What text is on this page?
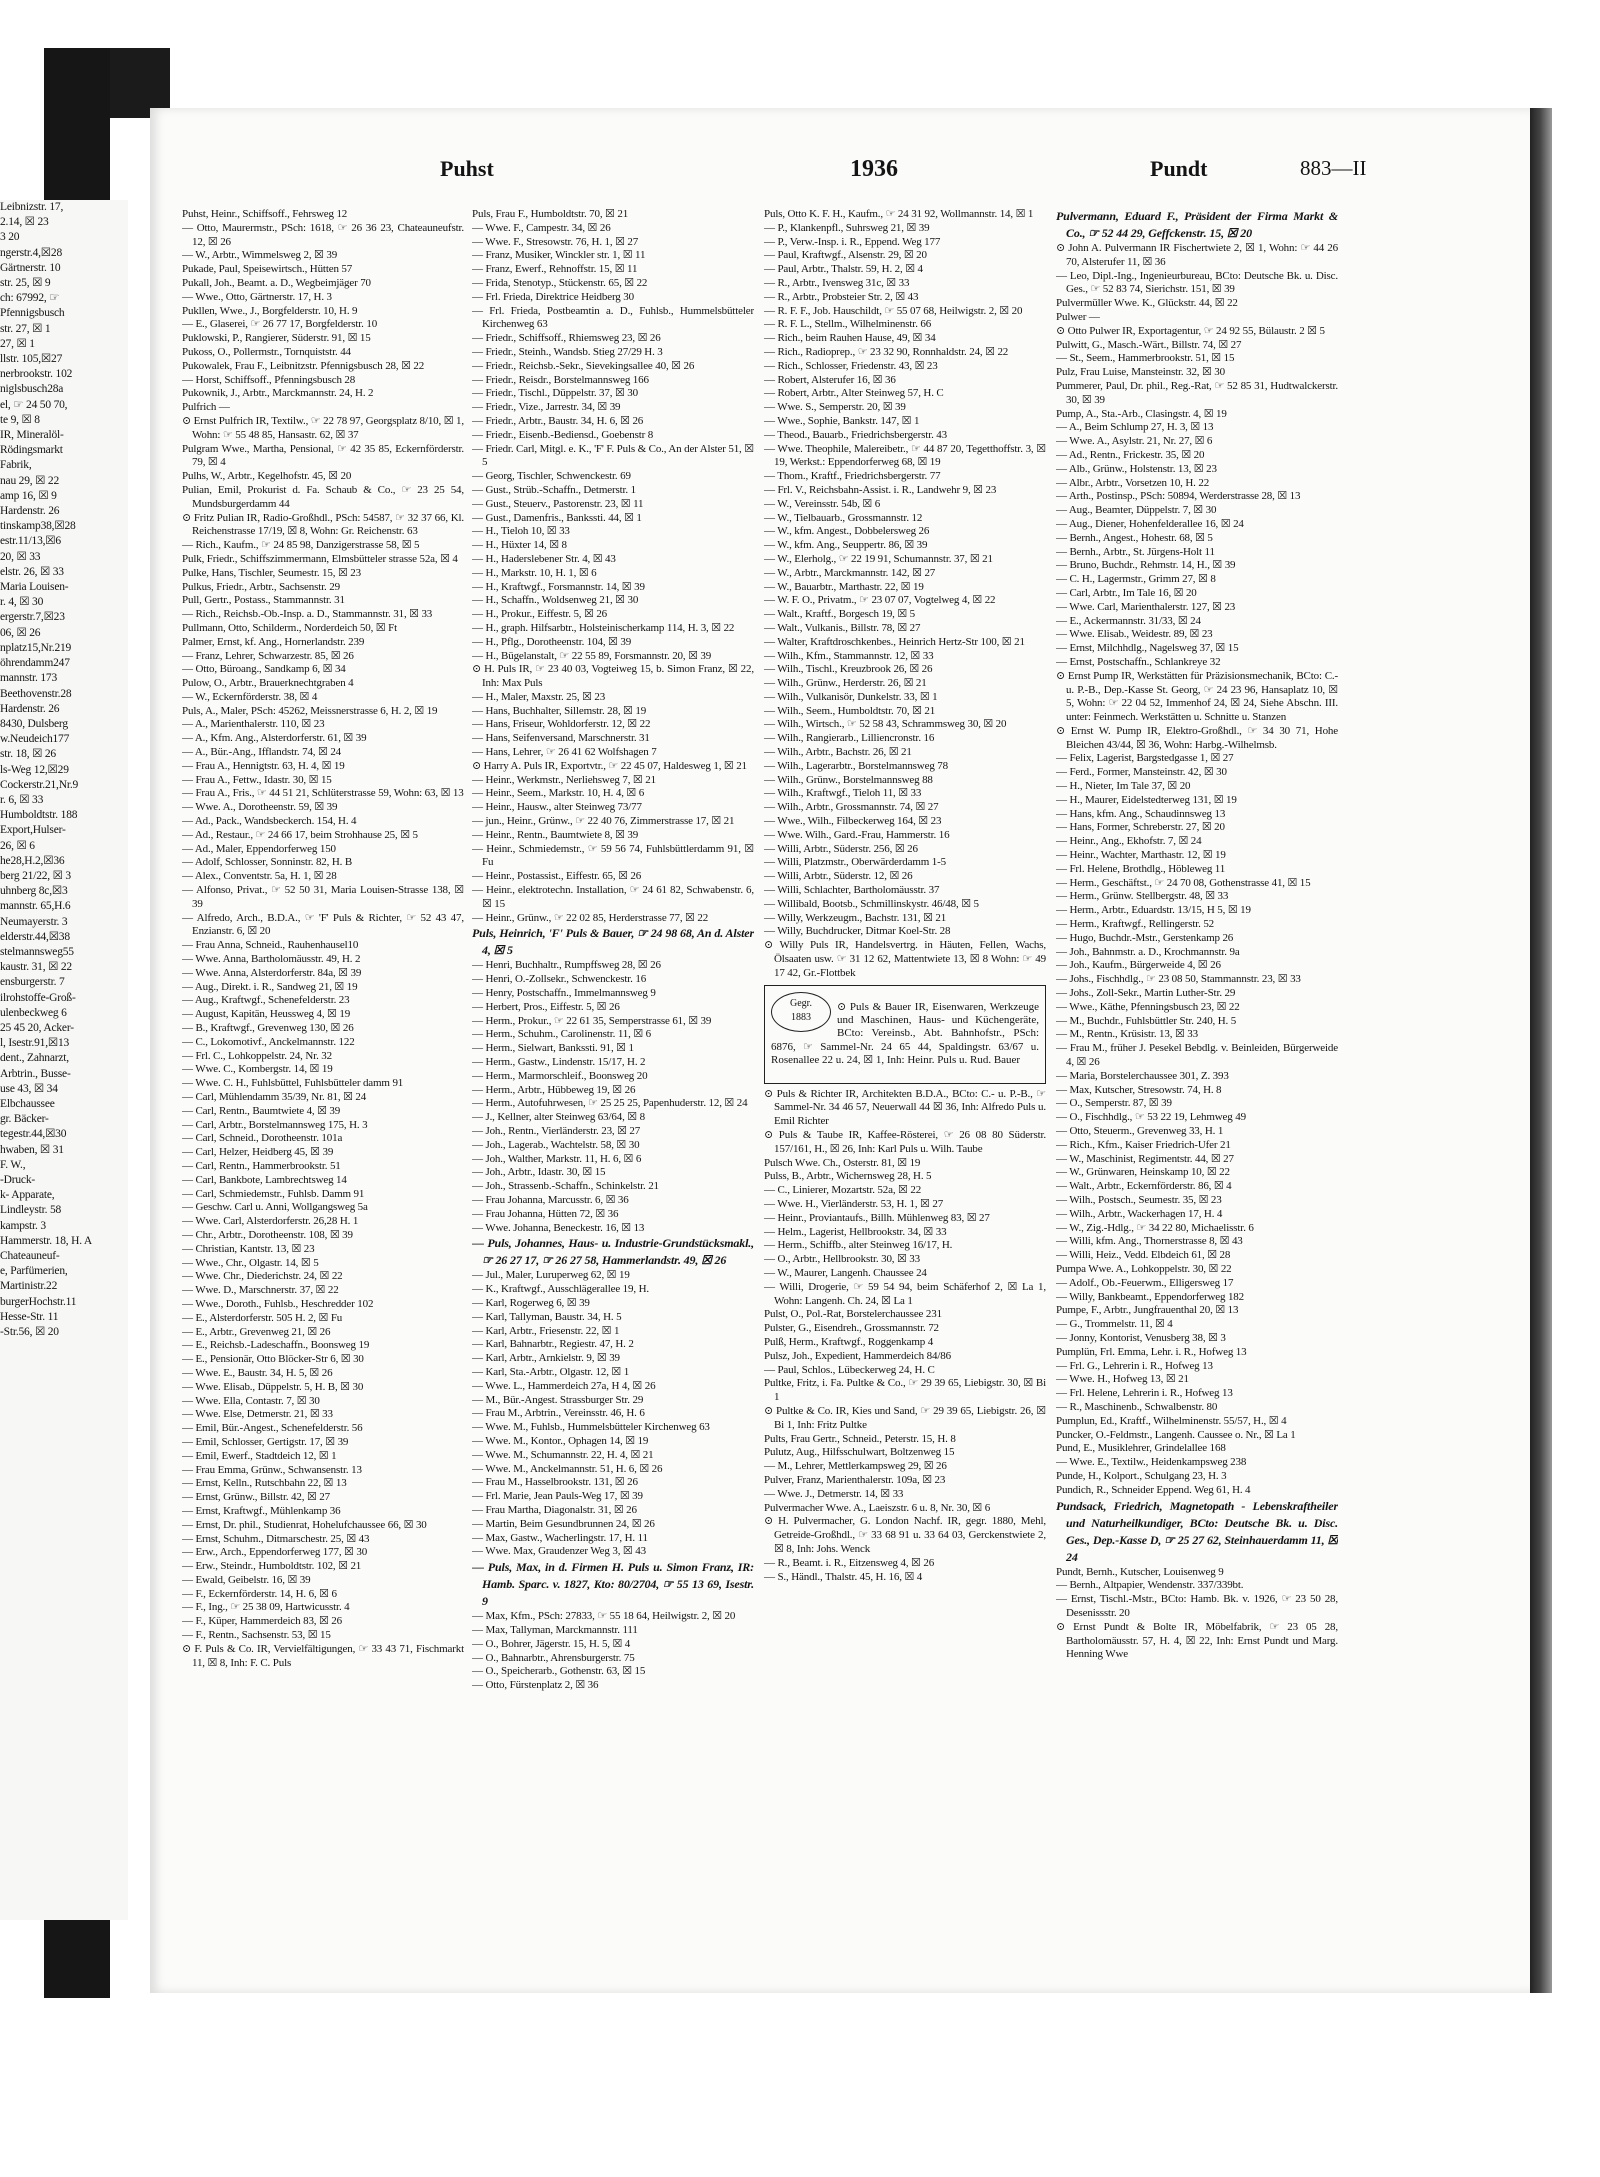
Leibnizstr. 17,
2.14, ☒ 23
3 20
ngerstr.4,☒28
Gärtnerstr. 10
str. 25, ☒ 9
ch: 67992, ☞
Pfennigsbusch
str. 27, ☒ 1
27, ☒ 1
llstr. 105,☒27
nerbrookstr. 102
niglsbusch28a
el, ☞ 24 50 70,
te 9, ☒ 8
IR, Mineralöl-
Rödingsmarkt
Fabrik,
nau 29, ☒ 22
amp 16, ☒ 9
Hardenstr. 26
tinskamp38,☒28
estr.11/13,☒6
20, ☒ 33
elstr. 26, ☒ 33
Maria Louisen-
r. 4, ☒ 30
ergerstr.7,☒23
06, ☒ 26
nplatz15,Nr.219
öhrendamm247
mannstr. 173
Beethovenstr.28
Hardenstr. 26
8430, Dulsberg
w.Neudeich177
str. 18, ☒ 26
ls-Weg 12,☒29
Cockerstr.21,Nr.9
r. 6, ☒ 33
Humboldtstr. 188
Export,Hulser-
26, ☒ 6
he28,H.2,☒36
berg 21/22, ☒ 3
uhnberg 8c,☒3
mannstr. 65,H.6
Neumayerstr. 3
elderstr.44,☒38
stelmannsweg55
kaustr. 31, ☒ 22
ensburgerstr. 7
ilrohstoffe-Groß-
ulenbeckweg 6
25 45 20, Acker-
l, Isestr.91,☒13
dent., Zahnarzt,
Arbtrin., Busse-
use 43, ☒ 34
Elbchaussee
gr. Bäcker-
tegestr.44,☒30
hwaben, ☒ 31
F. W.,
-Druck-
k- Apparate,
Lindleystr. 58
kampstr. 3
Hammerstr. 18, H. A
Chateauneuf-
e, Parfümerien,
Martinistr.22
burgerHochstr.11
Hesse-Str. 11
-Str.56, ☒ 20
Puhst	1936	Pundt	883—II

Puhst, Heinr., Schiffsoff., Fehrsweg 12

— Otto, Maurermstr., PSch: 1618, ☞ 26 36 23, Chateauneufstr. 12, ☒ 26

— W., Arbtr., Wimmelsweg 2, ☒ 39

Pukade, Paul, Speisewirtsch., Hütten 57

Pukall, Joh., Beamt. a. D., Wegbeimjäger 70

— Wwe., Otto, Gärtnerstr. 17, H. 3

Pukllen, Wwe., J., Borgfelderstr. 10, H. 9

— E., Glaserei, ☞ 26 77 17, Borgfelderstr. 10

Puklowski, P., Rangierer, Süderstr. 91, ☒ 15

Pukoss, O., Pollermstr., Tornquiststr. 44

Pukowalek, Frau F., Leibnitzstr. Pfennigsbusch 28, ☒ 22

— Horst, Schiffsoff., Pfenningsbusch 28

Pukownik, J., Arbtr., Marckmannstr. 24, H. 2

Pulfrich —

⊙ Ernst Pulfrich IR, Textilw., ☞ 22 78 97, Georgsplatz 8/10, ☒ 1, Wohn: ☞ 55 48 85, Hansastr. 62, ☒ 37

Pulgram Wwe., Martha, Pensional, ☞ 42 35 85, Eckernförderstr. 79, ☒ 4

Pulhs, W., Arbtr., Kegelhofstr. 45, ☒ 20

Pulian, Emil, Prokurist d. Fa. Schaub & Co., ☞ 23 25 54, Mundsburgerdamm 44

⊙ Fritz Pulian IR, Radio-Großhdl., PSch: 54587, ☞ 32 37 66, Kl. Reichenstrasse 17/19, ☒ 8, Wohn: Gr. Reichenstr. 63

— Rich., Kaufm., ☞ 24 85 98, Danzigerstrasse 58, ☒ 5

Pulk, Friedr., Schiffszimmermann, Elmsbütteler strasse 52a, ☒ 4

Pulke, Hans, Tischler, Seumestr. 15, ☒ 23

Pulkus, Friedr., Arbtr., Sachsenstr. 29

Pull, Gertr., Postass., Stammannstr. 31

— Rich., Reichsb.-Ob.-Insp. a. D., Stammannstr. 31, ☒ 33

Pullmann, Otto, Schilderm., Norderdeich 50, ☒ Ft

Palmer, Ernst, kf. Ang., Hornerlandstr. 239

— Franz, Lehrer, Schwarzestr. 85, ☒ 26

— Otto, Bürоang., Sandkamp 6, ☒ 34

Pulow, O., Arbtr., Brauerknechtgraben 4

— W., Eckernförderstr. 38, ☒ 4

Puls, A., Maler, PSch: 45262, Meissnerstrasse 6, H. 2, ☒ 19

— A., Marienthalerstr. 110, ☒ 23

— A., Kfm. Ang., Alsterdorferstr. 61, ☒ 39

— A., Bür.-Ang., Ifflandstr. 74, ☒ 24

— Frau A., Hennigtstr. 63, H. 4, ☒ 19

— Frau A., Fettw., Idastr. 30, ☒ 15

— Frau A., Fris., ☞ 44 51 21, Schlüterstrasse 59, Wohn: 63, ☒ 13

— Wwe. A., Dorotheenstr. 59, ☒ 39

— Ad., Pack., Wandsbeckerch. 154, H. 4

— Ad., Restaur., ☞ 24 66 17, beim Strohhause 25, ☒ 5

— Ad., Maler, Eppendorferweg 150

— Adolf, Schlosser, Sonninstr. 82, H. B

— Alex., Conventstr. 5a, H. 1, ☒ 28

— Alfonso, Privat., ☞ 52 50 31, Maria Louisen-Strasse 138, ☒ 39

— Alfredo, Arch., B.D.A., ☞ 'F' Puls & Richter, ☞ 52 43 47, Enzianstr. 6, ☒ 20

— Frau Anna, Schneid., Rauhenhausel10

— Wwe. Anna, Bartholomäusstr. 49, H. 2

— Wwe. Anna, Alsterdorferstr. 84a, ☒ 39

— Aug., Direkt. i. R., Sandweg 21, ☒ 19

— Aug., Kraftwgf., Schenefelderstr. 23

— August, Kapitän, Heussweg 4, ☒ 19

— B., Kraftwgf., Grevenweg 130, ☒ 26

— C., Lokomotivf., Anckelmannstr. 122

— Frl. C., Lohkoppelstr. 24, Nr. 32

— Wwe. C., Kombergstr. 14, ☒ 19

— Wwe. C. H., Fuhlsbüttel, Fuhlsbütteler damm 91

— Carl, Mühlendamm 35/39, Nr. 81, ☒ 24

— Carl, Rentn., Baumtwiete 4, ☒ 39

— Carl, Arbtr., Borstelmannsweg 175, H. 3

— Carl, Schneid., Dorotheenstr. 101a

— Carl, Helzer, Heidberg 45, ☒ 39

— Carl, Rentn., Hammerbrookstr. 51

— Carl, Bankbote, Lambrechtsweg 14

— Carl, Schmiedemstr., Fuhlsb. Damm 91

— Geschw. Carl u. Anni, Wollgangsweg 5a

— Wwe. Carl, Alsterdorferstr. 26,28 H. 1

— Chr., Arbtr., Dorotheenstr. 108, ☒ 39

— Christian, Kantstr. 13, ☒ 23

— Wwe., Chr., Olgastr. 14, ☒ 5

— Wwe. Chr., Diederichstr. 24, ☒ 22

— Wwe. D., Marschnerstr. 37, ☒ 22

— Wwe., Doroth., Fuhlsb., Heschredder 102

— E., Alsterdorferstr. 505 H. 2, ☒ Fu

— E., Arbtr., Grevenweg 21, ☒ 26

— E., Reichsb.-Ladeschaffn., Boonsweg 19

— E., Pensionär, Otto Blöcker-Str 6, ☒ 30

— Wwe. E., Baustr. 34, H. 5, ☒ 26

— Wwe. Elisab., Düppelstr. 5, H. B, ☒ 30

— Wwe. Ella, Contastr. 7, ☒ 30

— Wwe. Else, Detmerstr. 21, ☒ 33

— Emil, Bür.-Angest., Schenefelderstr. 56

— Emil, Schlosser, Gertigstr. 17, ☒ 39

— Emil, Ewerf., Stadtdeich 12, ☒ 1

— Frau Emma, Grünw., Schwansenstr. 13

— Ernst, Kelln., Rutschbahn 22, ☒ 13

— Ernst, Grünw., Billstr. 42, ☒ 27

— Ernst, Kraftwgf., Mühlenkamp 36

— Ernst, Dr. phil., Studienrat, Hohelufchaussee 66, ☒ 30

— Ernst, Schuhm., Ditmarschestr. 25, ☒ 43

— Erw., Arch., Eppendorferweg 177, ☒ 30

— Erw., Steindr., Humboldtstr. 102, ☒ 21

— Ewald, Geibelstr. 16, ☒ 39

— F., Eckernförderstr. 14, H. 6, ☒ 6

— F., Ing., ☞ 25 38 09, Hartwicusstr. 4

— F., Küper, Hammerdeich 83, ☒ 26

— F., Rentn., Sachsenstr. 53, ☒ 15

⊙ F. Puls & Co. IR, Vervielfältigungen, ☞ 33 43 71, Fischmarkt 11, ☒ 8, Inh: F. C. Puls

Puls, Frau F., Humboldtstr. 70, ☒ 21

— Wwe. F., Campestr. 34, ☒ 26

— Wwe. F., Stresowstr. 76, H. 1, ☒ 27

— Franz, Musiker, Winckler str. 1, ☒ 11

— Franz, Ewerf., Rehnoffstr. 15, ☒ 11

— Frida, Stenotyp., Stückenstr. 65, ☒ 22

— Frl. Frieda, Direktrice Heidberg 30

— Frl. Frieda, Postbeamtin a. D., Fuhlsb., Hummelsbütteler Kirchenweg 63

— Friedr., Schiffsoff., Rhiemsweg 23, ☒ 26

— Friedr., Steinh., Wandsb. Stieg 27/29 H. 3

— Friedr., Reichsb.-Sekr., Sievekingsallee 40, ☒ 26

— Friedr., Reisdr., Borstelmannsweg 166

— Friedr., Tischl., Düppelstr. 37, ☒ 30

— Friedr., Vize., Jarrestr. 34, ☒ 39

— Friedr., Arbtr., Baustr. 34, H. 6, ☒ 26

— Friedr., Eisenb.-Bediensd., Goebenstr 8

— Friedr. Carl, Mitgl. e. K., 'F' F. Puls & Co., An der Alster 51, ☒ 5

— Georg, Tischler, Schwenckestr. 69

— Gust., Strüb.-Schaffn., Detmerstr. 1

— Gust., Steuerv., Pastorenstr. 23, ☒ 11

— Gust., Damenfris., Bankssti. 44, ☒ 1

— H., Tieloh 10, ☒ 33

— H., Hüxter 14, ☒ 8

— H., Haderslebener Str. 4, ☒ 43

— H., Markstr. 10, H. 1, ☒ 6

— H., Kraftwgf., Forsmannstr. 14, ☒ 39

— H., Schaffn., Woldsenweg 21, ☒ 30

— H., Prokur., Eiffestr. 5, ☒ 26

— H., graph. Hilfsarbtr., Holsteinischerkamp 114, H. 3, ☒ 22

— H., Pflg., Dorotheenstr. 104, ☒ 39

— H., Bügelanstalt, ☞ 22 55 89, Forsmannstr. 20, ☒ 39

⊙ H. Puls IR, ☞ 23 40 03, Vogteiweg 15, b. Simon Franz, ☒ 22, Inh: Max Puls

— H., Maler, Maxstr. 25, ☒ 23

— Hans, Buchhalter, Sillemstr. 28, ☒ 19

— Hans, Friseur, Wohldorferstr. 12, ☒ 22

— Hans, Seifenversand, Marschnerstr. 31

— Hans, Lehrer, ☞ 26 41 62 Wolfshagen 7

⊙ Harry A. Puls IR, Exportvtr., ☞ 22 45 07, Haldesweg 1, ☒ 21

— Heinr., Werkmstr., Nerliehsweg 7, ☒ 21

— Heinr., Seem., Markstr. 10, H. 4, ☒ 6

— Heinr., Hausw., alter Steinweg 73/77

— jun., Heinr., Grünw., ☞ 22 40 76, Zimmerstrasse 17, ☒ 21

— Heinr., Rentn., Baumtwiete 8, ☒ 39

— Heinr., Schmiedemstr., ☞ 59 56 74, Fuhlsbüttlerdamm 91, ☒ Fu

— Heinr., Postassist., Eiffestr. 65, ☒ 26

— Heinr., elektrotechn. Installation, ☞ 24 61 82, Schwabenstr. 6, ☒ 15

— Heinr., Grünw., ☞ 22 02 85, Herderstrasse 77, ☒ 22

Puls, Heinrich, 'F' Puls & Bauer, ☞ 24 98 68, An d. Alster 4, ☒ 5

— Henri, Buchhaltr., Rumpffsweg 28, ☒ 26

— Henri, O.-Zollsekr., Schwenckestr. 16

— Henry, Postschaffn., Immelmannsweg 9

— Herbert, Pros., Eiffestr. 5, ☒ 26

— Herm., Prokur., ☞ 22 61 35, Semperstrasse 61, ☒ 39

— Herm., Schuhm., Carolinenstr. 11, ☒ 6

— Herm., Sielwart, Bankssti. 91, ☒ 1

— Herm., Gastw., Lindenstr. 15/17, H. 2

— Herm., Marmorschleif., Boonsweg 20

— Herm., Arbtr., Hübbeweg 19, ☒ 26

— Herm., Autofuhrwesen, ☞ 25 25 25, Papenhuderstr. 12, ☒ 24

— J., Kellner, alter Steinweg 63/64, ☒ 8

— Joh., Rentn., Vierländerstr. 23, ☒ 27

— Joh., Lagerab., Wachtelstr. 58, ☒ 30

— Joh., Walther, Markstr. 11, H. 6, ☒ 6

— Joh., Arbtr., Idastr. 30, ☒ 15

— Joh., Strassenb.-Schaffn., Schinkelstr. 21

— Frau Johanna, Marcusstr. 6, ☒ 36

— Frau Johanna, Hütten 72, ☒ 36

— Wwe. Johanna, Beneckestr. 16, ☒ 13

— Puls, Johannes, Haus- u. Industrie-Grundstücksmakl., ☞ 26 27 17, ☞ 26 27 58, Hammerlandstr. 49, ☒ 26

— Jul., Maler, Luruperweg 62, ☒ 19

— K., Kraftwgf., Ausschlägerallee 19, H.

— Karl, Rogerweg 6, ☒ 39

— Karl, Tallyman, Baustr. 34, H. 5

— Karl, Arbtr., Friesenstr. 22, ☒ 1

— Karl, Bahnarbtr., Regiestr. 47, H. 2

— Karl, Arbtr., Arnkielstr. 9, ☒ 39

— Karl, Sta.-Arbtr., Olgastr. 12, ☒ 1

— Wwe. L., Hammerdeich 27a, H 4, ☒ 26

— M., Bür.-Angest. Strassburger Str. 29

— Frau M., Arbtrin., Vereinsstr. 46, H. 6

— Wwe. M., Fuhlsb., Hummelsbütteler Kirchenweg 63

— Wwe. M., Kontor., Ophagen 14, ☒ 19

— Wwe. M., Schumannstr. 22, H. 4, ☒ 21

— Wwe. M., Anckelmannstr. 51, H. 6, ☒ 26

— Frau M., Hasselbrookstr. 131, ☒ 26

— Frl. Marie, Jean Pauls-Weg 17, ☒ 39

— Frau Martha, Diagonalstr. 31, ☒ 26

— Martin, Beim Gesundbrunnen 24, ☒ 26

— Max, Gastw., Wacherlingstr. 17, H. 11

— Wwe. Max, Graudenzer Weg 3, ☒ 43

— Puls, Max, in d. Firmen H. Puls u. Simon Franz, IR: Hamb. Sparc. v. 1827, Kto: 80/2704, ☞ 55 13 69, Isestr. 9

— Max, Kfm., PSch: 27833, ☞ 55 18 64, Heilwigstr. 2, ☒ 20

— Max, Tallyman, Marckmannstr. 111

— O., Bohrer, Jägerstr. 15, H. 5, ☒ 4

— O., Bahnarbtr., Ahrensburgerstr. 75

— O., Speicherarb., Gothenstr. 63, ☒ 15

— Otto, Fürstenplatz 2, ☒ 36

Puls, Otto K. F. H., Kaufm., ☞ 24 31 92, Wollmannstr. 14, ☒ 1

— P., Klankenpfl., Suhrsweg 21, ☒ 39

— P., Verw.-Insp. i. R., Eppend. Weg 177

— Paul, Kraftwgf., Alsenstr. 29, ☒ 20

— Paul, Arbtr., Thalstr. 59, H. 2, ☒ 4

— R., Arbtr., Ivensweg 31c, ☒ 33

— R., Arbtr., Probsteier Str. 2, ☒ 43

— R. F. F., Job. Hauschildt, ☞ 55 07 68, Heilwigstr. 2, ☒ 20

— R. F. L., Stellm., Wilhelminenstr. 66

— Rich., beim Rauhen Hause, 49, ☒ 34

— Rich., Radioprep., ☞ 23 32 90, Ronnhaldstr. 24, ☒ 22

— Rich., Schlosser, Friedenstr. 43, ☒ 23

— Robert, Alsterufer 16, ☒ 36

— Robert, Arbtr., Alter Steinweg 57, H. C

— Wwe. S., Semperstr. 20, ☒ 39

— Wwe., Sophie, Bankstr. 147, ☒ 1

— Theod., Bauarb., Friedrichsbergerstr. 43

— Wwe. Theophile, Malereibetr., ☞ 44 87 20, Tegetthoffstr. 3, ☒ 19, Werkst.: Eppendorferweg 68, ☒ 19

— Thom., Kraftf., Friedrichsbergerstr. 77

— Frl. V., Reichsbahn-Assist. i. R., Landwehr 9, ☒ 23

— W., Vereinsstr. 54b, ☒ 6

— W., Tielbauarb., Grossmannstr. 12

— W., kfm. Angest., Dobbelersweg 26

— W., kfm. Ang., Seuppertr. 86, ☒ 39

— W., Elerholg., ☞ 22 19 91, Schumannstr. 37, ☒ 21

— W., Arbtr., Marckmannstr. 142, ☒ 27

— W., Bauarbtr., Marthastr. 22, ☒ 19

— W. F. O., Privatm., ☞ 23 07 07, Vogtelweg 4, ☒ 22

— Walt., Kraftf., Borgesch 19, ☒ 5

— Walt., Vulkanis., Billstr. 78, ☒ 27

— Walter, Kraftdroschkenbes., Heinrich Hertz-Str 100, ☒ 21

— Wilh., Kfm., Stammannstr. 12, ☒ 33

— Wilh., Tischl., Kreuzbrook 26, ☒ 26

— Wilh., Grünw., Herderstr. 26, ☒ 21

— Wilh., Vulkanisör, Dunkelstr. 33, ☒ 1

— Wilh., Seem., Humboldtstr. 70, ☒ 21

— Wilh., Wirtsch., ☞ 52 58 43, Schrammsweg 30, ☒ 20

— Wilh., Rangierarb., Lilliencronstr. 16

— Wilh., Arbtr., Bachstr. 26, ☒ 21

— Wilh., Lagerarbtr., Borstelmannsweg 78

— Wilh., Grünw., Borstelmannsweg 88

— Wilh., Kraftwgf., Tieloh 11, ☒ 33

— Wilh., Arbtr., Grossmannstr. 74, ☒ 27

— Wwe., Wilh., Filbeckerweg 164, ☒ 23

— Wwe. Wilh., Gard.-Frau, Hammerstr. 16

— Willi, Arbtr., Süderstr. 256, ☒ 26

— Willi, Platzmstr., Oberwärderdamm 1-5

— Willi, Arbtr., Süderstr. 12, ☒ 26

— Willi, Schlachter, Bartholomäusstr. 37

— Willibald, Bootsb., Schmillinskystr. 46/48, ☒ 5

— Willy, Werkzeugm., Bachstr. 131, ☒ 21

— Willy, Buchdrucker, Ditmar Koel-Str. 28

⊙ Willy Puls IR, Handelsvertrg. in Häuten, Fellen, Wachs, Ölsaaten usw. ☞ 31 12 62, Mattentwiete 13, ☒ 8 Wohn: ☞ 49 17 42, Gr.-Flottbek

Gegr.
1883

⊙ Puls & Bauer IR, Eisenwaren, Werkzeuge und Maschinen, Haus- und Küchengeräte, BCto: Vereinsb., Abt. Bahnhofstr., PSch: 6876, ☞ Sammel-Nr. 24 65 44, Spaldingstr. 63/67 u. Rosenallee 22 u. 24, ☒ 1, Inh: Heinr. Puls u. Rud. Bauer

⊙ Puls & Richter IR, Architekten B.D.A., BCto: C.- u. P.-B., ☞ Sammel-Nr. 34 46 57, Neuerwall 44 ☒ 36, Inh: Alfredo Puls u. Emil Richter

⊙ Puls & Taube IR, Kaffee-Rösterei, ☞ 26 08 80 Süderstr. 157/161, H., ☒ 26, Inh: Karl Puls u. Wilh. Taube

Pulsch Wwe. Ch., Osterstr. 81, ☒ 19

Pulss, B., Arbtr., Wichernsweg 28, H. 5

— C., Linierer, Mozartstr. 52a, ☒ 22

— Wwe. H., Vierländerstr. 53, H. 1, ☒ 27

— Heinr., Proviantaufs., Billh. Mühlenweg 83, ☒ 27

— Helm., Lagerist, Hellbrookstr. 34, ☒ 33

— Herm., Schiffb., alter Steinweg 16/17, H.

— O., Arbtr., Hellbrookstr. 30, ☒ 33

— W., Maurer, Langenh. Chaussee 24

— Willi, Drogerie, ☞ 59 54 94, beim Schäferhof 2, ☒ La 1, Wohn: Langenh. Ch. 24, ☒ La 1

Pulst, O., Pol.-Rat, Borstelerchaussee 231

Pulster, G., Eisendreh., Grossmannstr. 72

Pulß, Herm., Kraftwgf., Roggenkamp 4

Pulsz, Joh., Expedient, Hammerdeich 84/86

— Paul, Schlos., Lübeckerweg 24, H. C

Pultke, Fritz, i. Fa. Pultke & Co., ☞ 29 39 65, Liebigstr. 30, ☒ Bi 1

⊙ Pultke & Co. IR, Kies und Sand, ☞ 29 39 65, Liebigstr. 26, ☒ Bi 1, Inh: Fritz Pultke

Pults, Frau Gertr., Schneid., Peterstr. 15, H. 8

Pulutz, Aug., Hilfsschulwart, Boltzenweg 15

— M., Lehrer, Mettlerkampsweg 29, ☒ 26

Pulver, Franz, Marienthalerstr. 109a, ☒ 23

— Wwe. J., Detmerstr. 14, ☒ 33

Pulvermacher Wwe. A., Laeiszstr. 6 u. 8, Nr. 30, ☒ 6

⊙ H. Pulvermacher, G. London Nachf. IR, gegr. 1880, Mehl, Getreide-Großhdl., ☞ 33 68 91 u. 33 64 03, Gerckenstwiete 2, ☒ 8, Inh: Johs. Wenck

— R., Beamt. i. R., Eitzensweg 4, ☒ 26

— S., Händl., Thalstr. 45, H. 16, ☒ 4

Pulvermann, Eduard F., Präsident der Firma Markt & Co., ☞ 52 44 29, Geffckenstr. 15, ☒ 20

⊙ John A. Pulvermann IR Fischertwiete 2, ☒ 1, Wohn: ☞ 44 26 70, Alsterufer 11, ☒ 36

— Leo, Dipl.-Ing., Ingenieurbureau, BCto: Deutsche Bk. u. Disc. Ges., ☞ 52 83 74, Sierichstr. 151, ☒ 39

Pulvermüller Wwe. K., Glückstr. 44, ☒ 22

Pulwer —

⊙ Otto Pulwer IR, Exportagentur, ☞ 24 92 55, Bülaustr. 2 ☒ 5

Pulwitt, G., Masch.-Wärt., Billstr. 74, ☒ 27

— St., Seem., Hammerbrookstr. 51, ☒ 15

Pulz, Frau Luise, Mansteinstr. 32, ☒ 30

Pummerer, Paul, Dr. phil., Reg.-Rat, ☞ 52 85 31, Hudtwalckerstr. 30, ☒ 39

Pump, A., Sta.-Arb., Clasingstr. 4, ☒ 19

— A., Beim Schlump 27, H. 3, ☒ 13

— Wwe. A., Asylstr. 21, Nr. 27, ☒ 6

— Ad., Rentn., Frickestr. 35, ☒ 20

— Alb., Grünw., Holstenstr. 13, ☒ 23

— Albr., Arbtr., Vorsetzen 10, H. 22

— Arth., Postinsp., PSch: 50894, Werderstrasse 28, ☒ 13

— Aug., Beamter, Düppelstr. 7, ☒ 30

— Aug., Diener, Hohenfelderallee 16, ☒ 24

— Bernh., Angest., Hohestr. 68, ☒ 5

— Bernh., Arbtr., St. Jürgens-Holt 11

— Bruno, Buchdr., Rehmstr. 14, H., ☒ 39

— C. H., Lagermstr., Grimm 27, ☒ 8

— Carl, Arbtr., Im Tale 16, ☒ 20

— Wwe. Carl, Marienthalerstr. 127, ☒ 23

— E., Ackermannstr. 31/33, ☒ 24

— Wwe. Elisab., Weidestr. 89, ☒ 23

— Ernst, Milchhdlg., Nagelsweg 37, ☒ 15

— Ernst, Postschaffn., Schlankreye 32

⊙ Ernst Pump IR, Werkstätten für Präzisionsmechanik, BCto: C.- u. P.-B., Dep.-Kasse St. Georg, ☞ 24 23 96, Hansaplatz 10, ☒ 5, Wohn: ☞ 22 04 52, Immenhof 24, ☒ 24, Siehe Abschn. III. unter: Feinmech. Werkstätten u. Schnitte u. Stanzen

⊙ Ernst W. Pump IR, Elektro-Großhdl., ☞ 34 30 71, Hohe Bleichen 43/44, ☒ 36, Wohn: Harbg.-Wilhelmsb.

— Felix, Lagerist, Bargstedgasse 1, ☒ 27

— Ferd., Former, Mansteinstr. 42, ☒ 30

— H., Nieter, Im Tale 37, ☒ 20

— H., Maurer, Eidelstedterweg 131, ☒ 19

— Hans, kfm. Ang., Schaudinnsweg 13

— Hans, Former, Schreberstr. 27, ☒ 20

— Heinr., Ang., Ekhofstr. 7, ☒ 24

— Heinr., Wachter, Marthastr. 12, ☒ 19

— Frl. Helene, Brothdlg., Höbleweg 11

— Herm., Geschäftst., ☞ 24 70 08, Gothenstrasse 41, ☒ 15

— Herm., Grünw. Stellbergstr. 48, ☒ 33

— Herm., Arbtr., Eduardstr. 13/15, H 5, ☒ 19

— Herm., Kraftwgf., Rellingerstr. 52

— Hugo, Buchdr.-Mstr., Gerstenkamp 26

— Joh., Bahnmstr. a. D., Krochmannstr. 9a

— Joh., Kaufm., Bürgerweide 4, ☒ 26

— Johs., Fischhdlg., ☞ 23 08 50, Stammannstr. 23, ☒ 33

— Johs., Zoll-Sekr., Martin Luther-Str. 29

— Wwe., Käthe, Pfenningsbusch 23, ☒ 22

— M., Buchdr., Fuhlsbüttler Str. 240, H. 5

— M., Rentn., Krüsistr. 13, ☒ 33

— Frau M., früher J. Pesekel Bebdlg. v. Beinleiden, Bürgerweide 4, ☒ 26

— Maria, Borstelerchaussee 301, Z. 393

— Max, Kutscher, Stresowstr. 74, H. 8

— O., Semperstr. 87, ☒ 39

— O., Fischhdlg., ☞ 53 22 19, Lehmweg 49

— Otto, Steuerm., Grevenweg 33, H. 1

— Rich., Kfm., Kaiser Friedrich-Ufer 21

— W., Maschinist, Regimentstr. 44, ☒ 27

— W., Grünwaren, Heinskamp 10, ☒ 22

— Walt., Arbtr., Eckernförderstr. 86, ☒ 4

— Wilh., Postsch., Seumestr. 35, ☒ 23

— Wilh., Arbtr., Wackerhagen 17, H. 4

— W., Zig.-Hdlg., ☞ 34 22 80, Michaelisstr. 6

— Willi, kfm. Ang., Thornerstrasse 8, ☒ 43

— Willi, Heiz., Vedd. Elbdeich 61, ☒ 28

Pumpa Wwe. A., Lohkoppelstr. 30, ☒ 22

— Adolf., Ob.-Feuerwm., Elligersweg 17

— Willy, Bankbeamt., Eppendorferweg 182

Pumpe, F., Arbtr., Jungfrauenthal 20, ☒ 13

— G., Trommelstr. 11, ☒ 4

— Jonny, Kontorist, Venusberg 38, ☒ 3

Pumplün, Frl. Emma, Lehr. i. R., Hofweg 13

— Frl. G., Lehrerin i. R., Hofweg 13

— Wwe. H., Hofweg 13, ☒ 21

— Frl. Helene, Lehrerin i. R., Hofweg 13

— R., Maschinenb., Schwalbenstr. 80

Pumplun, Ed., Kraftf., Wilhelminenstr. 55/57, H., ☒ 4

Puncker, O.-Feldmstr., Langenh. Caussee o. Nr., ☒ La 1

Pund, E., Musiklehrer, Grindelallee 168

— Wwe. E., Textilw., Heidenkampsweg 238

Punde, H., Kolport., Schulgang 23, H. 3

Pundich, R., Schneider Eppend. Weg 61, H. 4

Pundsack, Friedrich, Magnetopath - Lebenskraftheiler und Naturheilkundiger, BCto: Deutsche Bk. u. Disc. Ges., Dep.-Kasse D, ☞ 25 27 62, Steinhauerdamm 11, ☒ 24

Pundt, Bernh., Kutscher, Louisenweg 9

— Bernh., Altpapier, Wendenstr. 337/339bt.

— Ernst, Tischl.-Mstr., BCto: Hamb. Bk. v. 1926, ☞ 23 50 28, Desenissstr. 20

⊙ Ernst Pundt & Bolte IR, Möbelfabrik, ☞ 23 05 28, Bartholomäusstr. 57, H. 4, ☒ 22, Inh: Ernst Pundt und Marg. Henning Wwe
